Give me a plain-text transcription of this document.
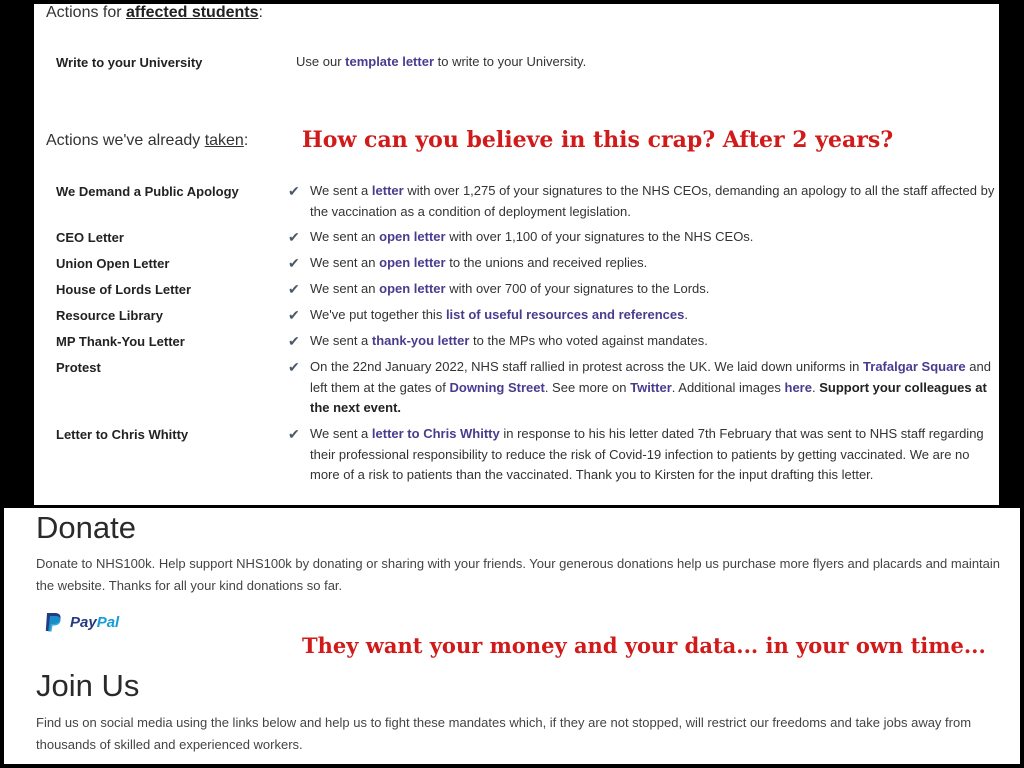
Actions for affected students:
Write to your University	Use our template letter to write to your University.
Actions we've already taken:
We Demand a Public Apology	✔ We sent a letter with over 1,275 of your signatures to the NHS CEOs, demanding an apology to all the staff affected by the vaccination as a condition of deployment legislation.
CEO Letter	✔ We sent an open letter with over 1,100 of your signatures to the NHS CEOs.
Union Open Letter	✔ We sent an open letter to the unions and received replies.
House of Lords Letter	✔ We sent an open letter with over 700 of your signatures to the Lords.
Resource Library	✔ We've put together this list of useful resources and references.
MP Thank-You Letter	✔ We sent a thank-you letter to the MPs who voted against mandates.
Protest	✔ On the 22nd January 2022, NHS staff rallied in protest across the UK. We laid down uniforms in Trafalgar Square and left them at the gates of Downing Street. See more on Twitter. Additional images here. Support your colleagues at the next event.
Letter to Chris Whitty	✔ We sent a letter to Chris Whitty in response to his his letter dated 7th February that was sent to NHS staff regarding their professional responsibility to reduce the risk of Covid-19 infection to patients by getting vaccinated. We are no more of a risk to patients than the vaccinated. Thank you to Kirsten for the input drafting this letter.
How can you believe in this crap? After 2 years?
Donate

Donate to NHS100k. Help support NHS100k by donating or sharing with your friends. Your generous donations help us purchase more flyers and placards and maintain the website. Thanks for all your kind donations so far.

PayPal
Join Us

Find us on social media using the links below and help us to fight these mandates which, if they are not stopped, will restrict our freedoms and take jobs away from thousands of skilled and experienced workers.

They want your money and your data... in your own time...
